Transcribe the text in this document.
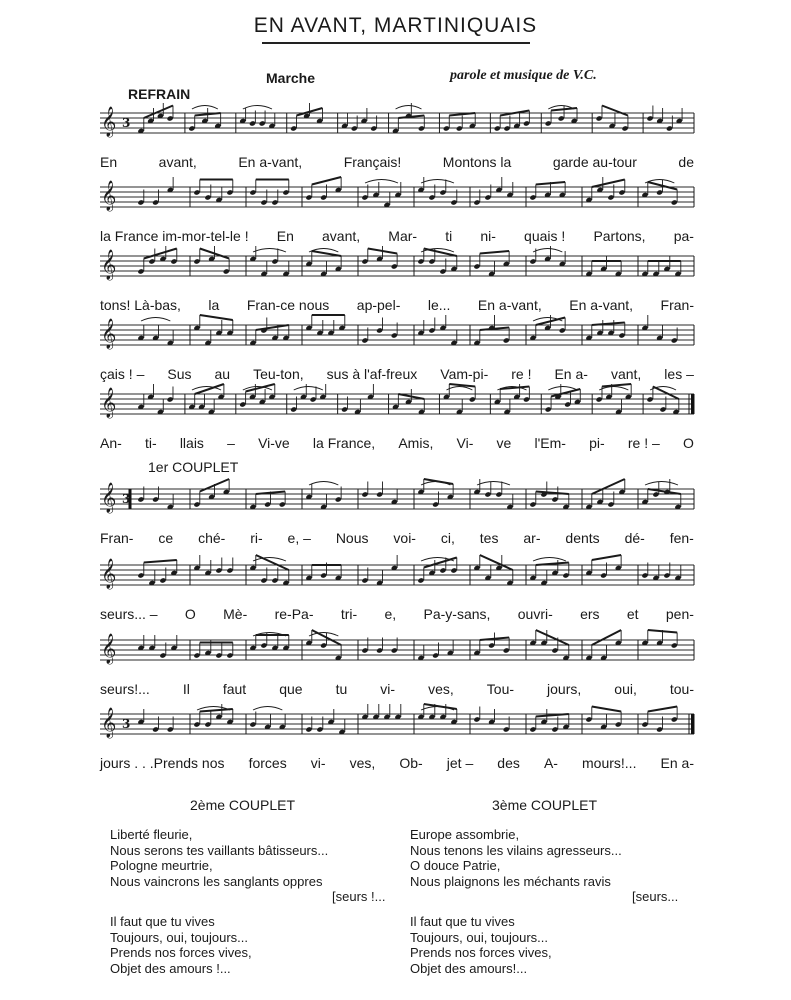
EN AVANT, MARTINIQUAIS
Marche	parole et musique de V.C.
REFRAIN
1er COUPLET
𝄞 3
En	avant,	En a-vant,	Français!	Montons la	garde au-tour	de
𝄞
la France im-mor-tel-le ! En avant, Mar- ti ni- quais ! Partons, pa-
𝄞
tons! Là-bas, la Fran-ce nous ap-pel- le... En a-vant, En a-vant, Fran-
𝄞
çais ! – Sus au Teu-ton, sus à l'af-freux Vam-pi- re ! En a- vant, les –
𝄞
An- ti- llais – Vi-ve la France, Amis, Vi- ve l'Em- pi- re ! – O
𝄞 3
Fran- ce ché- ri- e, – Nous voi- ci, tes ar- dents dé- fen-
𝄞
seurs... – O Mè- re-Pa- tri- e, Pa-y-sans, ouvri- ers et pen-
𝄞
seurs!... Il faut que tu vi- ves, Tou- jours, oui, tou-
𝄞 3
jours . . .Prends nos forces vi- ves, Ob- jet – des A- mours!... En a-
2ème COUPLET	3ème COUPLET
Liberté fleurie,
Nous serons tes vaillants bâtisseurs...
Pologne meurtrie,
Nous vaincrons les sanglants oppres
[seurs !...
Il faut que tu vives
Toujours, oui, toujours...
Prends nos forces vives,
Objet des amours !...
Europe assombrie,
Nous tenons les vilains agresseurs...
O douce Patrie,
Nous plaignons les méchants ravis
[seurs...
Il faut que tu vives
Toujours, oui, toujours...
Prends nos forces vives,
Objet des amours!...
